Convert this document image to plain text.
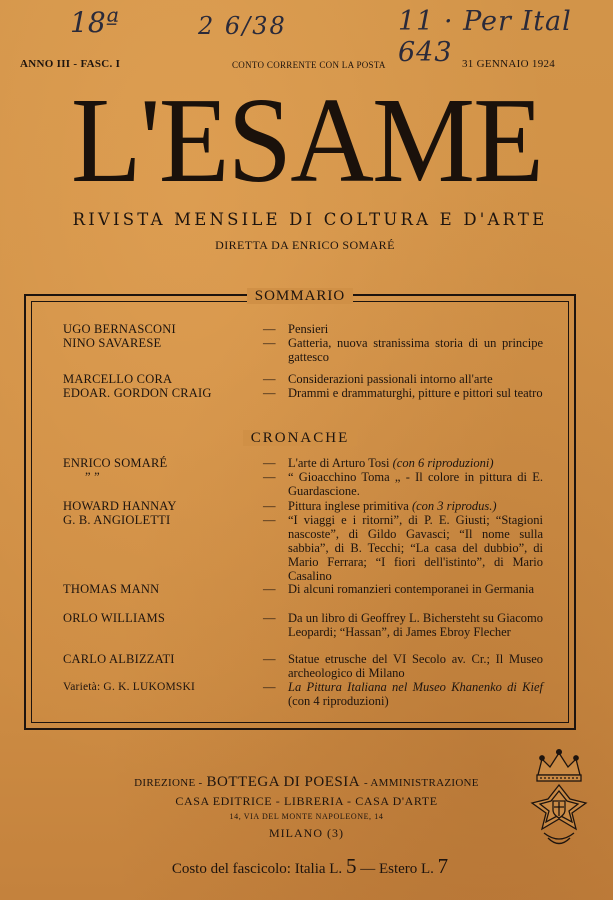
18ª	2 6/38	11 · Per Ital 643
ANNO III - FASC. I	CONTO CORRENTE CON LA POSTA	31 GENNAIO 1924
L'ESAME
RIVISTA MENSILE DI COLTURA E D'ARTE
DIRETTA DA ENRICO SOMARÉ
SOMMARIO
UGO BERNASCONI	—	Pensieri
NINO SAVARESE	—	Gatteria, nuova stranissima storia di un principe gattesco
MARCELLO CORA	—	Considerazioni passionali intorno all'arte
EDOAR. GORDON CRAIG	—	Drammi e drammaturghi, pitture e pittori sul teatro
CRONACHE
ENRICO SOMARÉ	—	L'arte di Arturo Tosi (con 6 riproduzioni)
” ”	—	“ Gioacchino Toma „ - Il colore in pittura di E. Guardascione.
HOWARD HANNAY	—	Pittura inglese primitiva (con 3 riprodus.)
G. B. ANGIOLETTI	—	“I viaggi e i ritorni”, di P. E. Giusti; “Stagioni nascoste”, di Gildo Gavasci; “Il nome sulla sabbia”, di B. Tecchi; “La casa del dubbio”, di Mario Ferrara; “I fiori dell'istinto”, di Mario Casalino
THOMAS MANN	—	Di alcuni romanzieri contemporanei in Germania
ORLO WILLIAMS	—	Da un libro di Geoffrey L. Bichersteht su Giacomo Leopardi; “Hassan”, di James Ebroy Flecher
CARLO ALBIZZATI	—	Statue etrusche del VI Secolo av. Cr.; Il Museo archeologico di Milano
Varietà: G. K. LUKOMSKI	—	La Pittura Italiana nel Museo Khanenko di Kief (con 4 riproduzioni)
DIREZIONE - BOTTEGA DI POESIA - AMMINISTRAZIONE
CASA EDITRICE - LIBRERIA - CASA D'ARTE
14, VIA DEL MONTE NAPOLEONE, 14
MILANO (3)
Costo del fascicolo: Italia L. 5 — Estero L. 7
